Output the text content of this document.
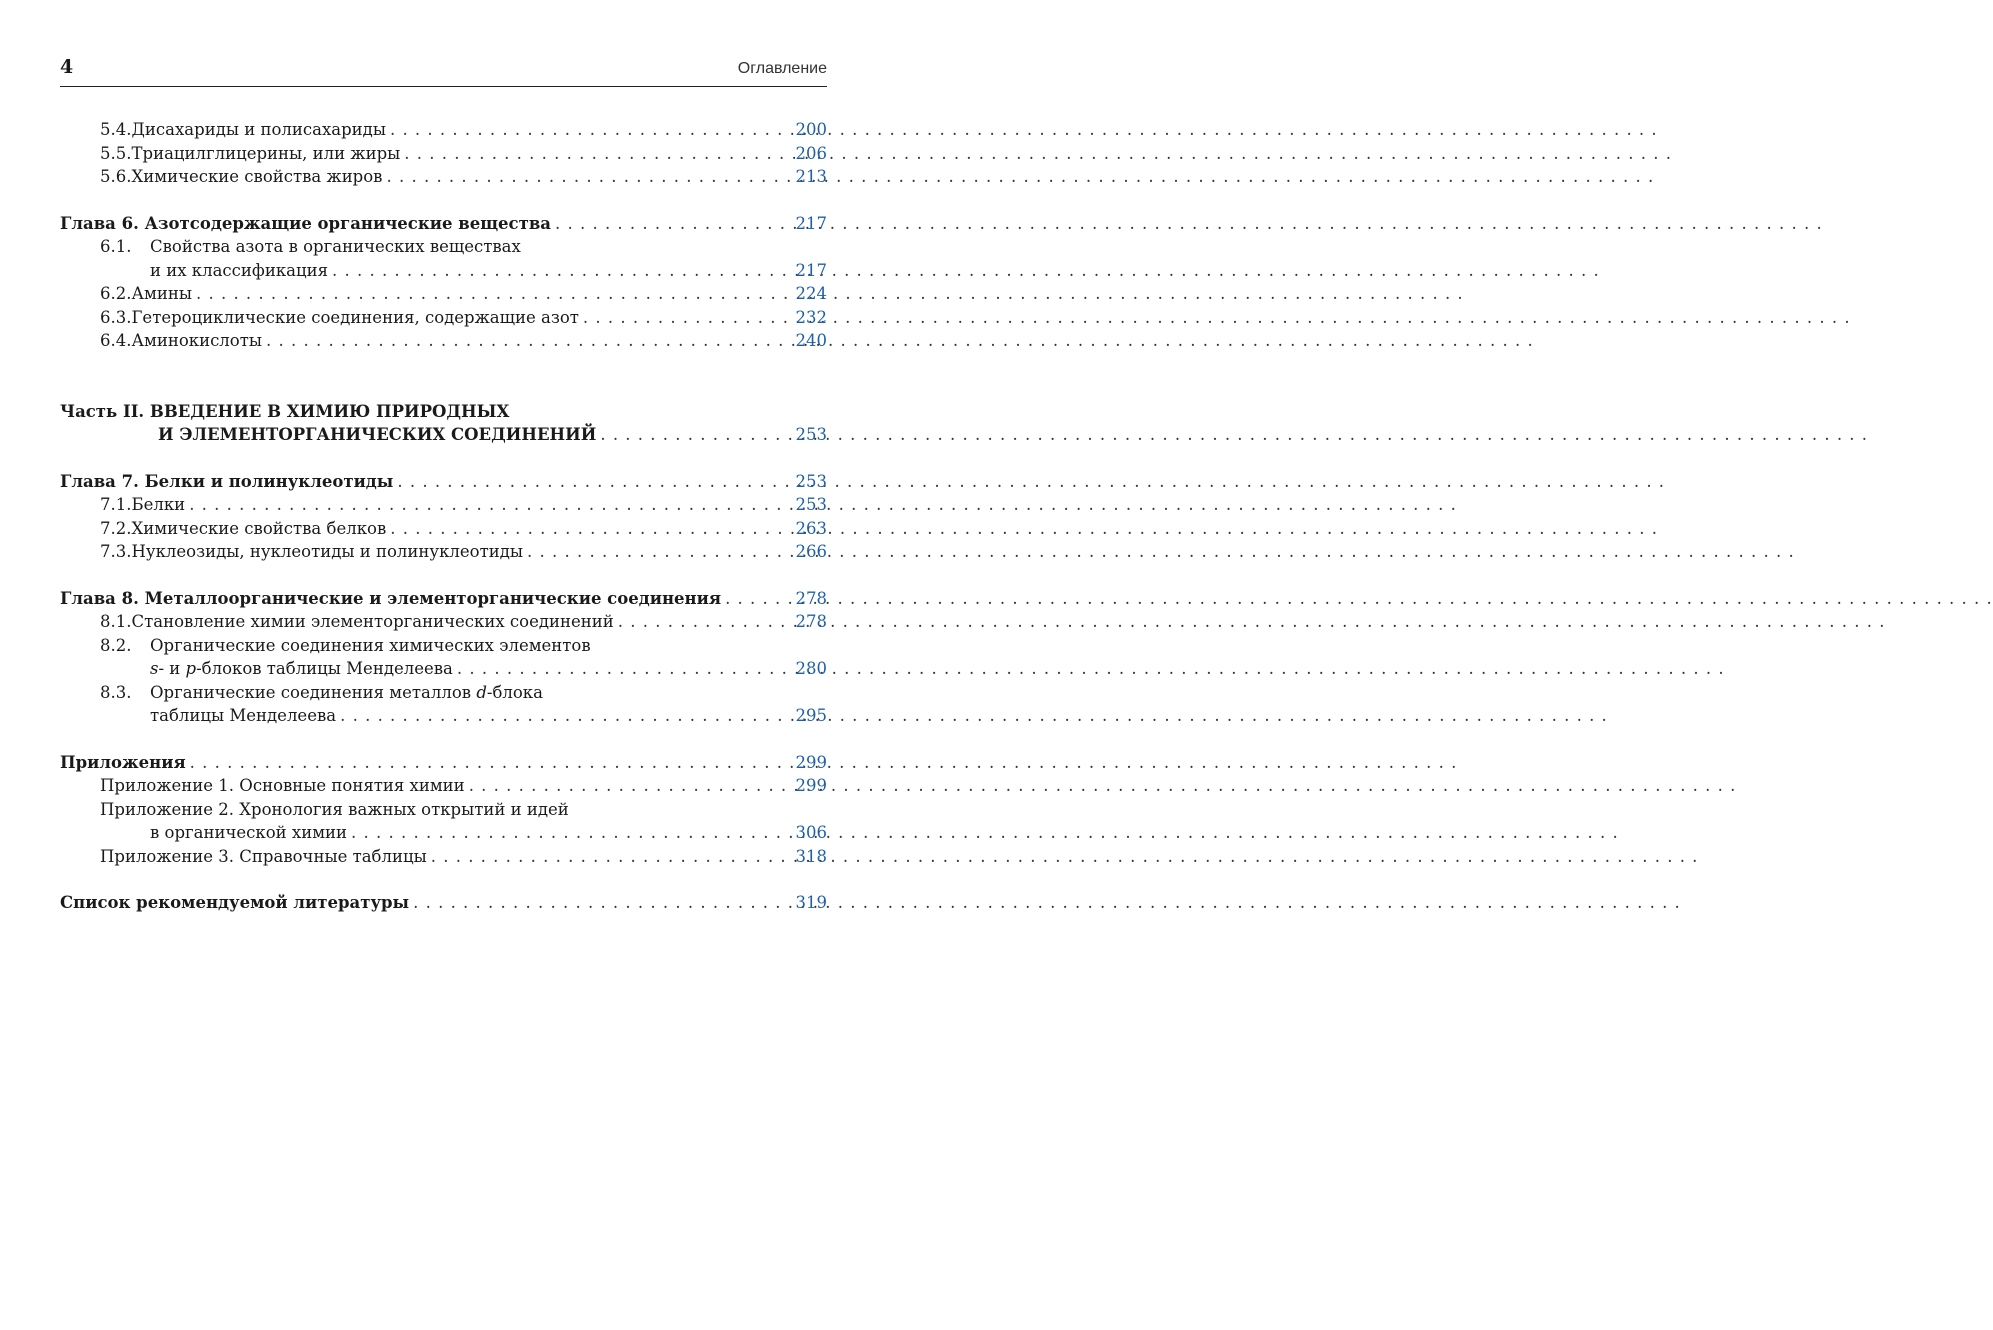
4	Оглавление
5.4. Дисахариды и полисахариды . . .	200
5.5. Триацилглицерины, или жиры . . .	206
5.6. Химические свойства жиров . . .	213
Глава 6. Азотсодержащие органические вещества . . .	217
6.1.	Свойства азота в органических веществах
и их классификация . . .	217
6.2. Амины . . .	224
6.3. Гетероциклические соединения, содержащие азот . . .	232
6.4. Аминокислоты . . .	240
Часть II. ВВЕДЕНИЕ В ХИМИЮ ПРИРОДНЫХ
И ЭЛЕМЕНТОРГАНИЧЕСКИХ СОЕДИНЕНИЙ . . .	253
Глава 7. Белки и полинуклеотиды . . .	253
7.1. Белки . . .	253
7.2. Химические свойства белков . . .	263
7.3. Нуклеозиды, нуклеотиды и полинуклеотиды . . .	266
Глава 8. Металлоорганические и элементорганические соединения . . .	278
8.1. Становление химии элементорганических соединений . . .	278
8.2.	Органические соединения химических элементов
s- и p-блоков таблицы Менделеева . . .	280
8.3.	Органические соединения металлов d-блока
таблицы Менделеева . . .	295
Приложения . . .	299
Приложение 1. Основные понятия химии . . .	299
Приложение 2. Хронология важных открытий и идей
в органической химии . . .	306
Приложение 3. Справочные таблицы . . .	318
Список рекомендуемой литературы . . .	319
